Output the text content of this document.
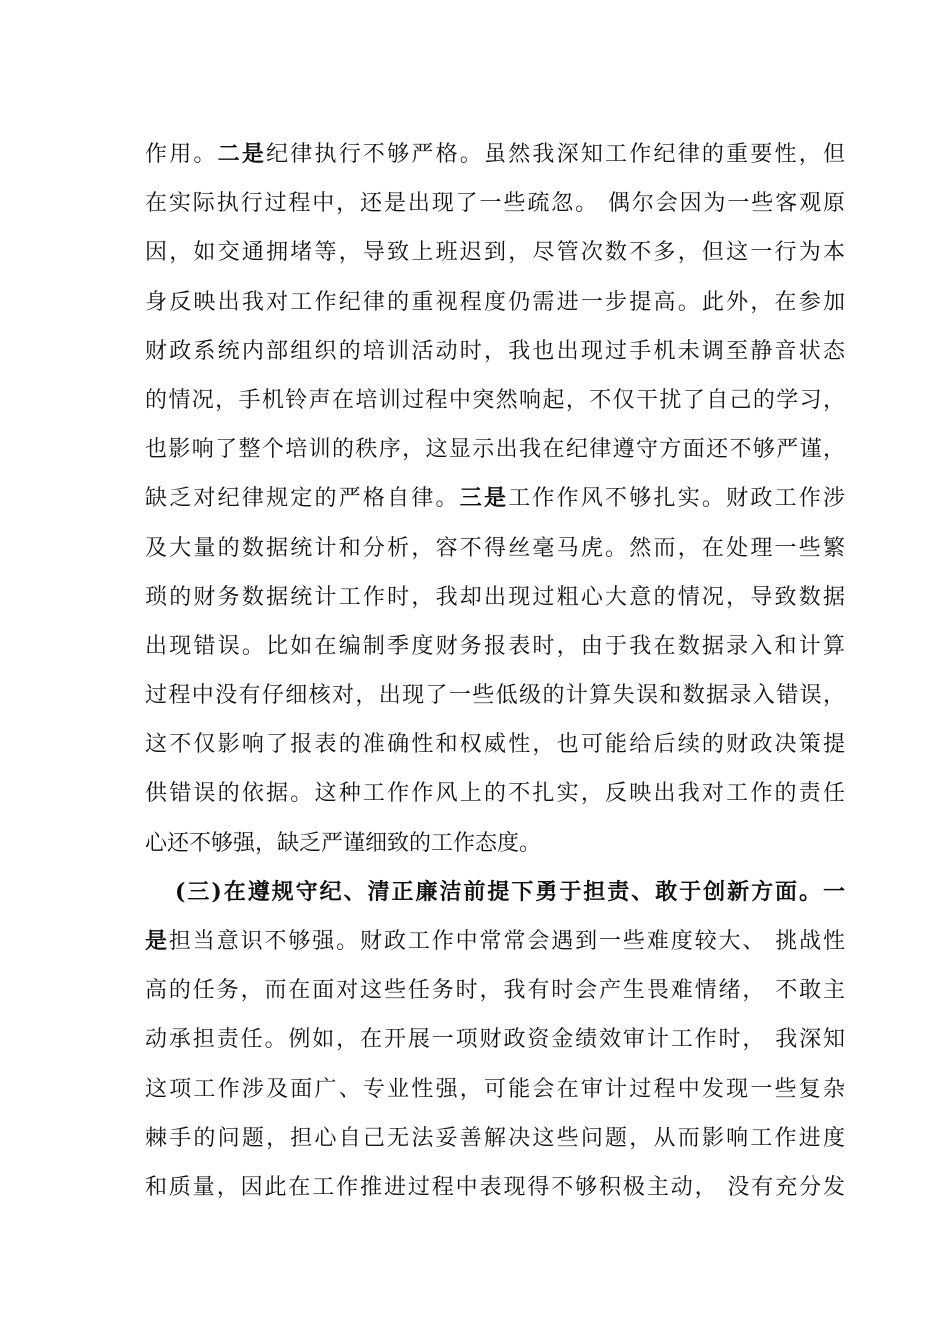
作用。二是纪律执行不够严格。虽然我深知工作纪律的重要性，但
在实际执行过程中，还是出现了一些疏忽。 偶尔会因为一些客观原
因，如交通拥堵等，导致上班迟到，尽管次数不多，但这一行为本
身反映出我对工作纪律的重视程度仍需进一步提高。此外，在参加
财政系统内部组织的培训活动时，我也出现过手机未调至静音状态
的情况，手机铃声在培训过程中突然响起，不仅干扰了自己的学习，
也影响了整个培训的秩序，这显示出我在纪律遵守方面还不够严谨，
缺乏对纪律规定的严格自律。三是工作作风不够扎实。财政工作涉
及大量的数据统计和分析，容不得丝毫马虎。然而，在处理一些繁
琐的财务数据统计工作时，我却出现过粗心大意的情况，导致数据
出现错误。比如在编制季度财务报表时，由于我在数据录入和计算
过程中没有仔细核对，出现了一些低级的计算失误和数据录入错误，
这不仅影响了报表的准确性和权威性，也可能给后续的财政决策提
供错误的依据。这种工作作风上的不扎实，反映出我对工作的责任
心还不够强，缺乏严谨细致的工作态度。
(三)在遵规守纪、清正廉洁前提下勇于担责、敢于创新方面。一
是担当意识不够强。财政工作中常常会遇到一些难度较大、 挑战性
高的任务，而在面对这些任务时，我有时会产生畏难情绪， 不敢主
动承担责任。例如，在开展一项财政资金绩效审计工作时， 我深知
这项工作涉及面广、专业性强，可能会在审计过程中发现一些复杂
棘手的问题，担心自己无法妥善解决这些问题，从而影响工作进度
和质量，因此在工作推进过程中表现得不够积极主动， 没有充分发
